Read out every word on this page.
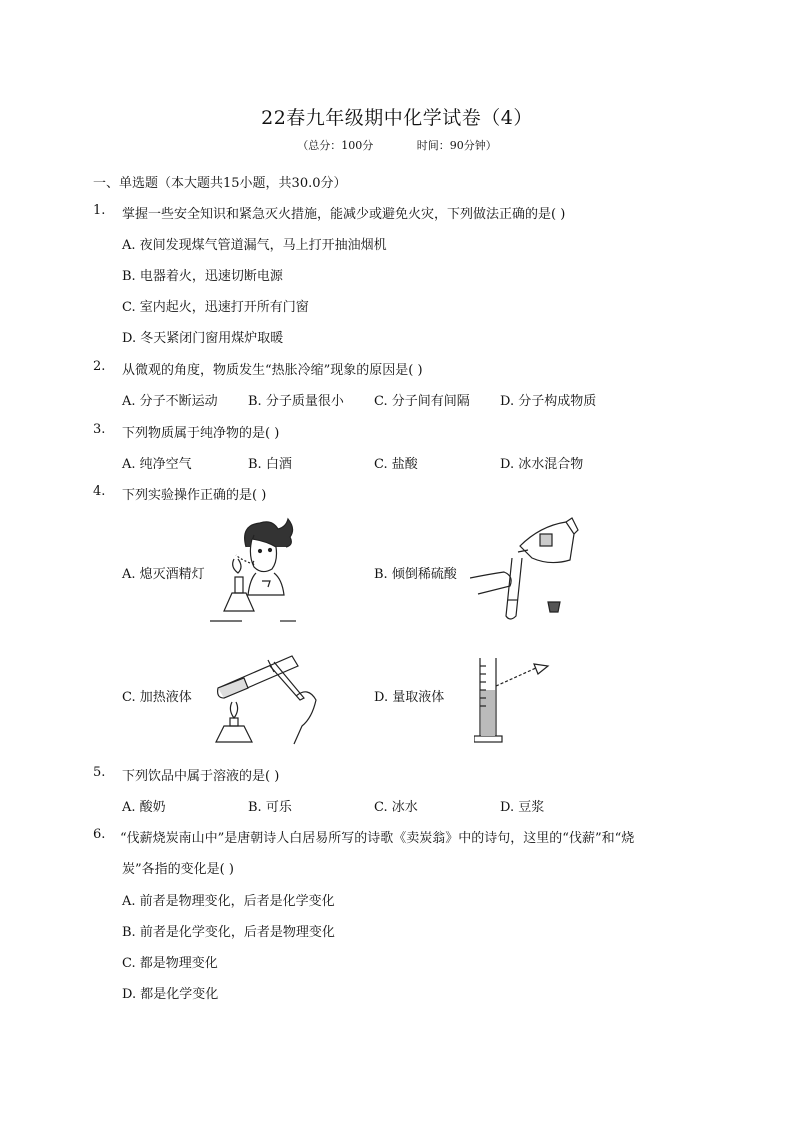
22春九年级期中化学试卷（4）
（总分：100分	时间：90分钟）
一、单选题（本大题共15小题，共30.0分）
1.	掌握一些安全知识和紧急灭火措施，能减少或避免火灾，下列做法正确的是( )
A. 夜间发现煤气管道漏气，马上打开抽油烟机
B. 电器着火，迅速切断电源
C. 室内起火，迅速打开所有门窗
D. 冬天紧闭门窗用煤炉取暖
2.	从微观的角度，物质发生“热胀冷缩”现象的原因是( )
A. 分子不断运动 B. 分子质量很小 C. 分子间有间隔 D. 分子构成物质
3.	下列物质属于纯净物的是( )
A. 纯净空气	B. 白酒	C. 盐酸	D. 冰水混合物
4.	下列实验操作正确的是( )
A. 熄灭酒精灯	B. 倾倒稀硫酸
C. 加热液体	D. 量取液体
5.	下列饮品中属于溶液的是( )
A. 酸奶	B. 可乐	C. 冰水	D. 豆浆
6.	“伐薪烧炭南山中”是唐朝诗人白居易所写的诗歌《卖炭翁》中的诗句，这里的“伐薪”和“烧
炭”各指的变化是( )
A. 前者是物理变化，后者是化学变化
B. 前者是化学变化，后者是物理变化
C. 都是物理变化
D. 都是化学变化
